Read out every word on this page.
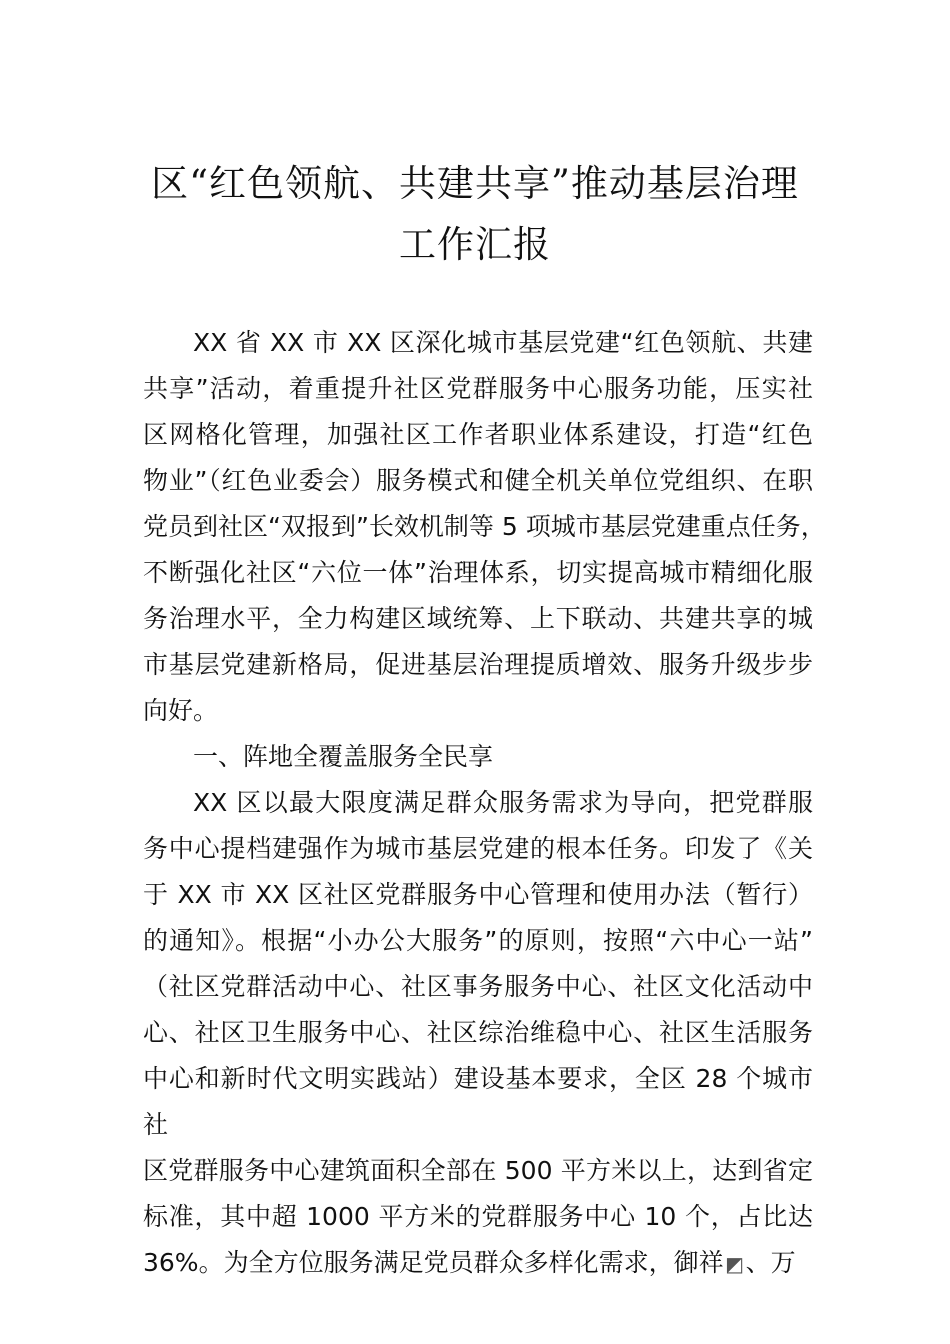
区“红色领航、共建共享”推动基层治理
工作汇报
XX 省 XX 市 XX 区深化城市基层党建“红色领航、共建
共享”活动，着重提升社区党群服务中心服务功能，压实社
区网格化管理，加强社区工作者职业体系建设，打造“红色
物业”（红色业委会）服务模式和健全机关单位党组织、在职
党员到社区“双报到”长效机制等 5 项城市基层党建重点任务，
不断强化社区“六位一体”治理体系，切实提高城市精细化服
务治理水平，全力构建区域统筹、上下联动、共建共享的城
市基层党建新格局，促进基层治理提质增效、服务升级步步
向好。
一、阵地全覆盖服务全民享
XX 区以最大限度满足群众服务需求为导向，把党群服
务中心提档建强作为城市基层党建的根本任务。印发了《关
于 XX 市 XX 区社区党群服务中心管理和使用办法（暂行）
的通知》。根据“小办公大服务”的原则，按照“六中心一站”
（社区党群活动中心、社区事务服务中心、社区文化活动中
心、社区卫生服务中心、社区综治维稳中心、社区生活服务
中心和新时代文明实践站）建设基本要求，全区 28 个城市
社
区党群服务中心建筑面积全部在 500 平方米以上，达到省定
标准，其中超 1000 平方米的党群服务中心 10 个，占比达
36%。为全方位服务满足党员群众多样化需求，御祥◩、万
